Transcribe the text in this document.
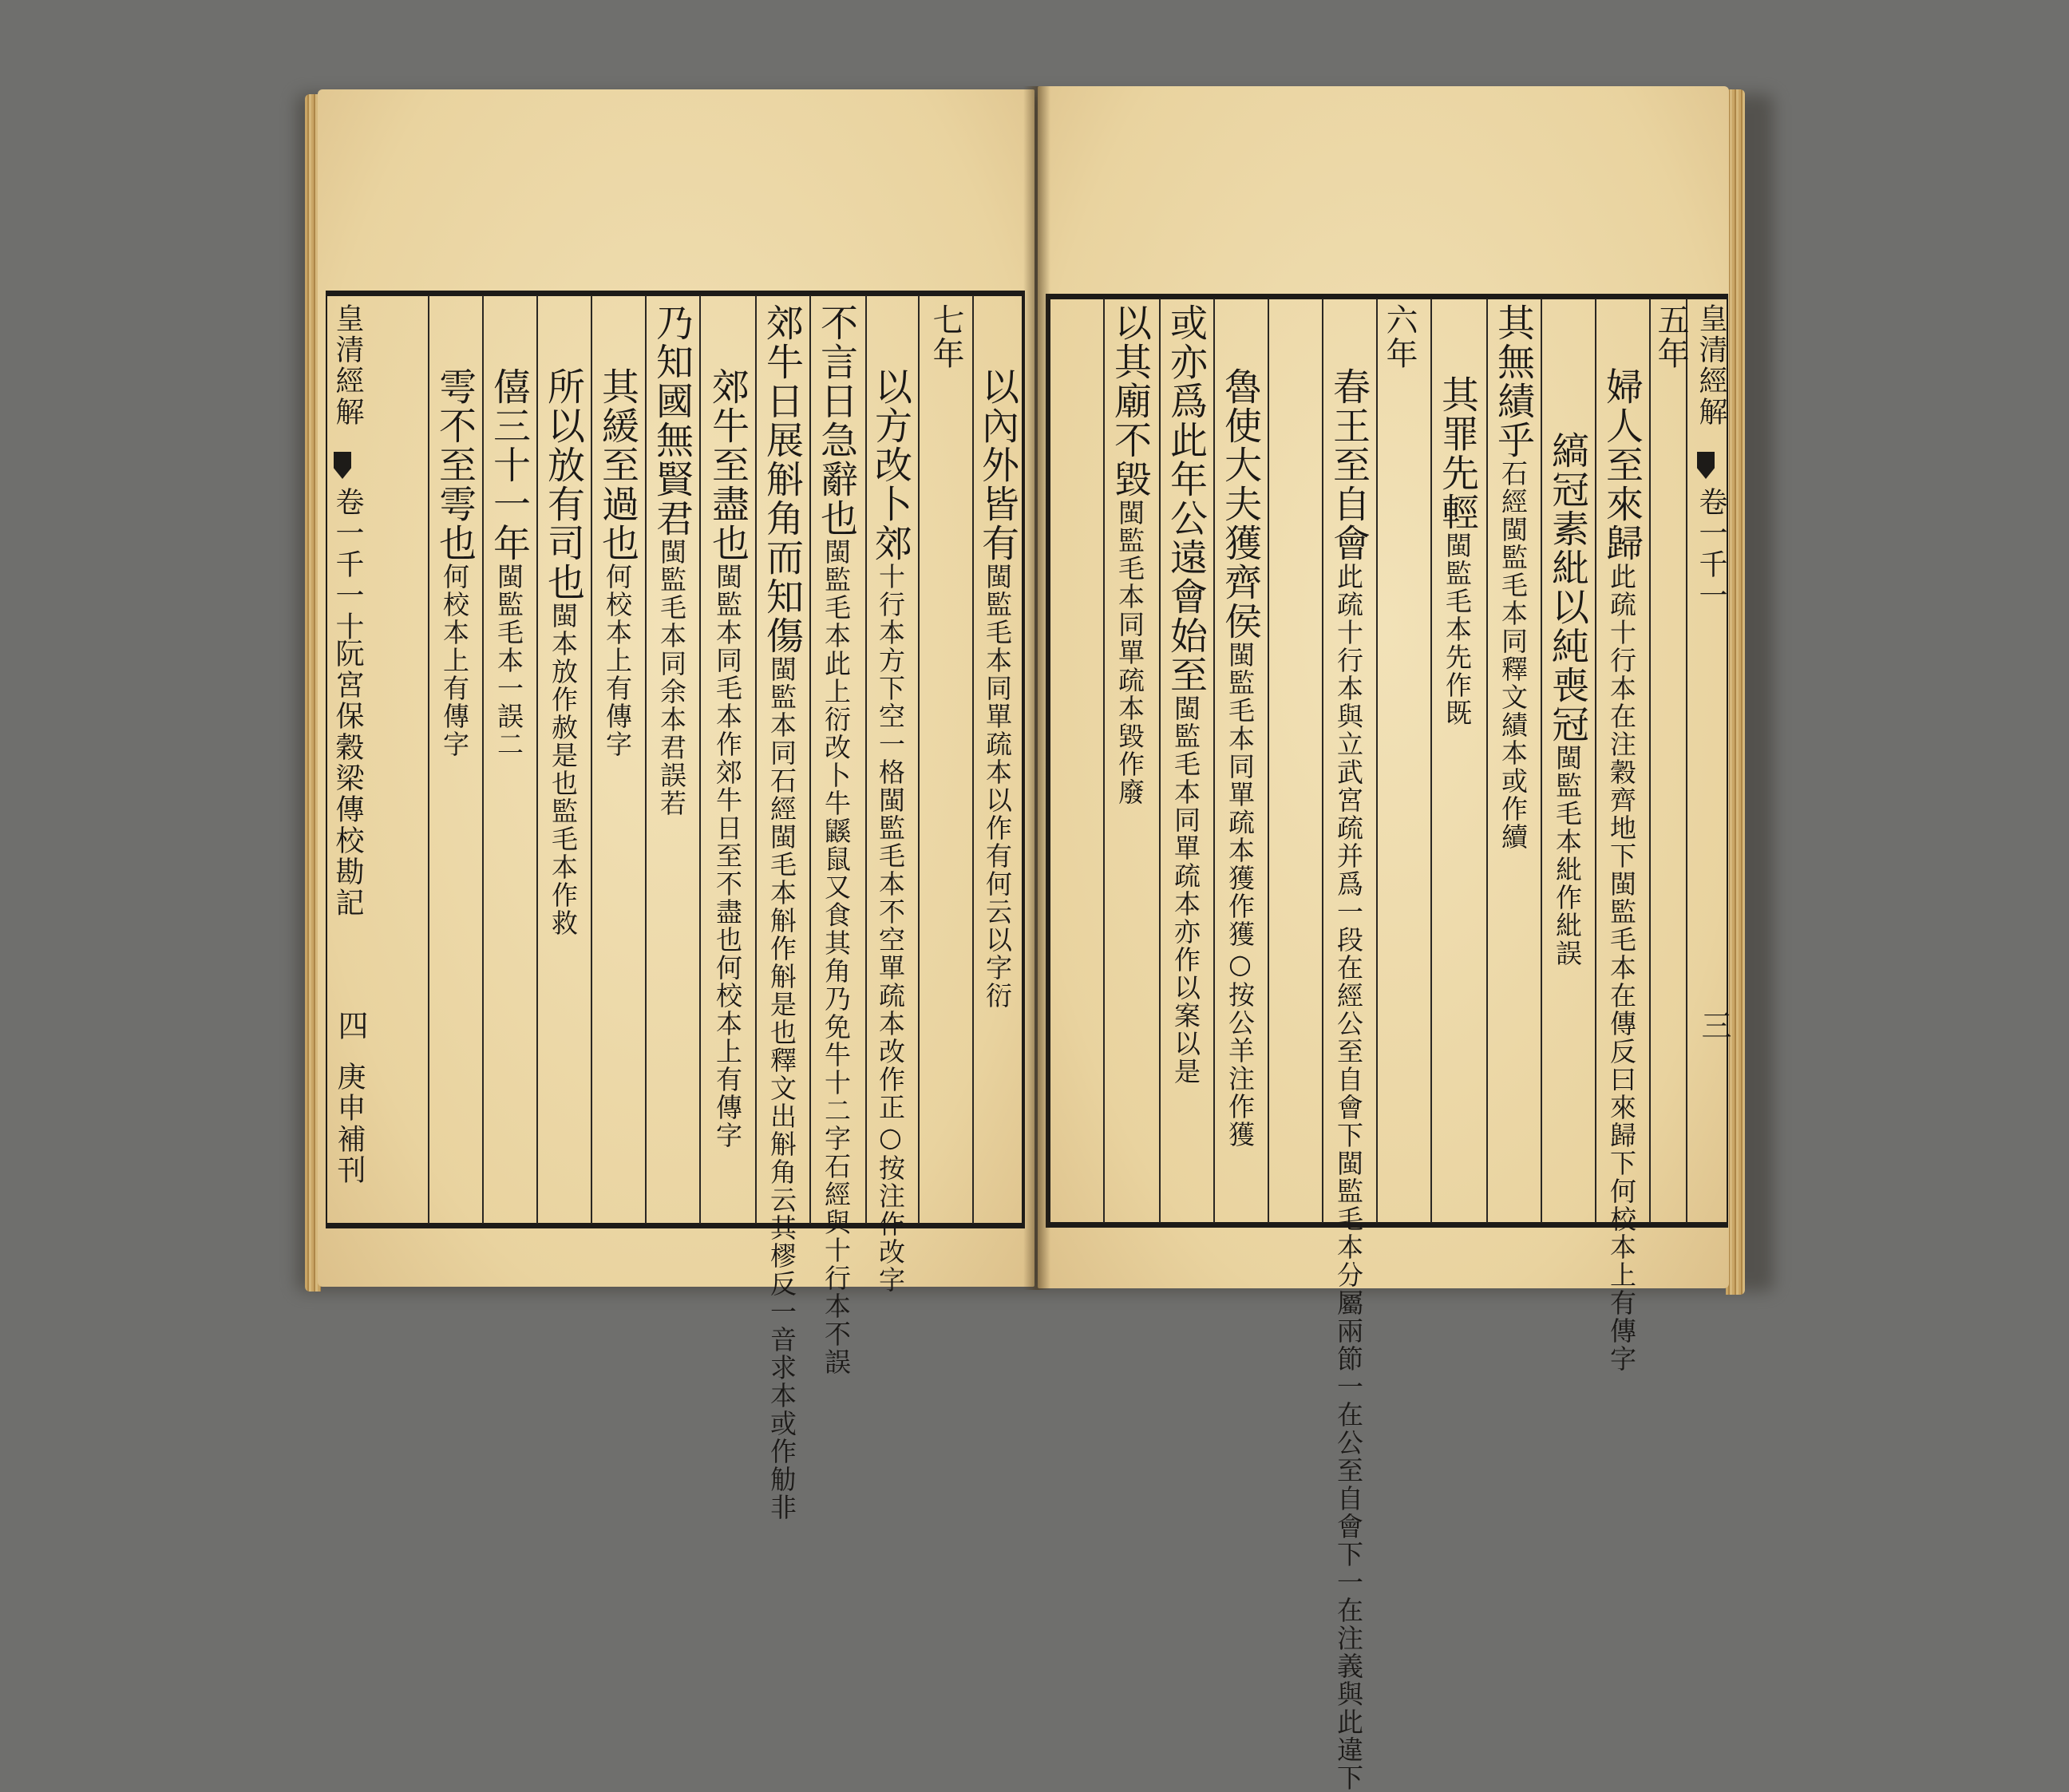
皇清經解
卷一千一十
阮宮保穀梁傳校勘記
四
庚申補刊
以內外皆有閩監毛本同單疏本以作有何云以字衍
七年
以方改卜郊十行本方下空一格閩監毛本不空單疏本改作正○按注作改字
不言日急辭也閩監毛本此上衍改卜牛鼷鼠又食其角乃免牛十二字石經與十行本不誤
郊牛日展斛角而知傷閩監本同石經閩毛本斛作斛是也釋文出斛角云其樛反一音求本或作觔非
郊牛至盡也閩監本同毛本作郊牛日至不盡也何校本上有傳字
乃知國無賢君閩監毛本同余本君誤若
其緩至過也何校本上有傳字
所以放有司也閩本放作赦是也監毛本作救
僖三十一年閩監毛本一誤二
雩不至雩也何校本上有傳字
皇清經解
卷一千一
三
五年
婦人至來歸此疏十行本在注穀齊地下閩監毛本在傳反曰來歸下何校本上有傳字
縞冠素紕以純喪冠閩監毛本紕作紕誤
其無績乎石經閩監毛本同釋文績本或作續
其罪先輕閩監毛本先作既
六年
春王至自會此疏十行本與立武宮疏并爲一段在經公至自會下閩監毛本分屬兩節一在公至自會下一在注義與此違下
魯使大夫獲齊侯閩監毛本同單疏本獲作獲○按公羊注作獲
或亦爲此年公遠會始至閩監毛本同單疏本亦作以案以是
以其廟不毀閩監毛本同單疏本毀作廢
